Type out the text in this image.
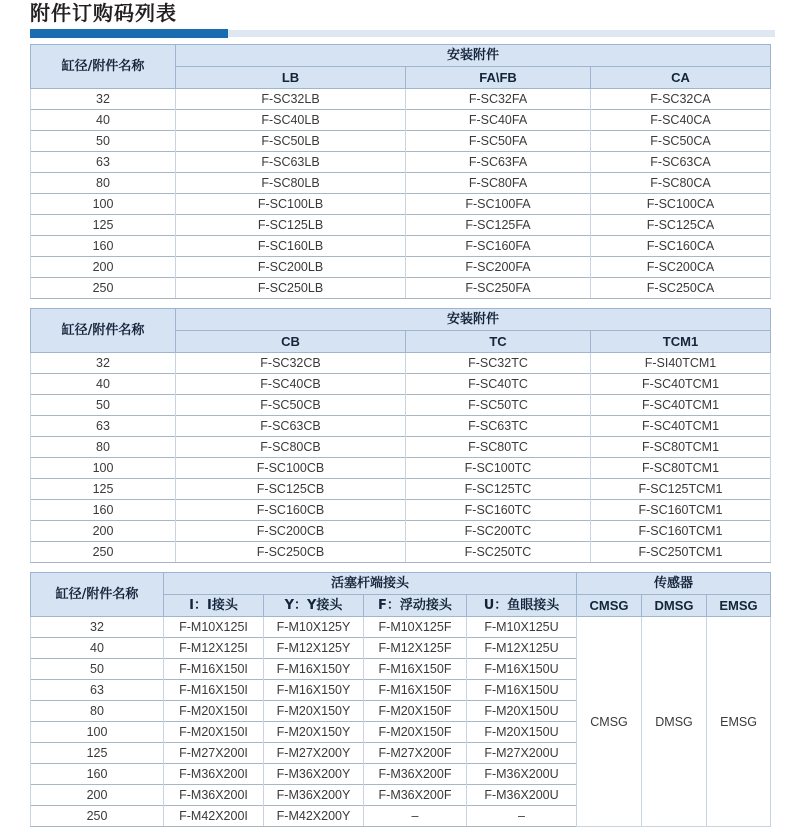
附件订购码列表
缸径/附件名称	安装附件		
	LB	FA\FB	CA
32	F-SC32LB	F-SC32FA	F-SC32CA
40	F-SC40LB	F-SC40FA	F-SC40CA
50	F-SC50LB	F-SC50FA	F-SC50CA
63	F-SC63LB	F-SC63FA	F-SC63CA
80	F-SC80LB	F-SC80FA	F-SC80CA
100	F-SC100LB	F-SC100FA	F-SC100CA
125	F-SC125LB	F-SC125FA	F-SC125CA
160	F-SC160LB	F-SC160FA	F-SC160CA
200	F-SC200LB	F-SC200FA	F-SC200CA
250	F-SC250LB	F-SC250FA	F-SC250CA
缸径/附件名称	安装附件		
	CB	TC	TCM1
32	F-SC32CB	F-SC32TC	F-SI40TCM1
40	F-SC40CB	F-SC40TC	F-SC40TCM1
50	F-SC50CB	F-SC50TC	F-SC40TCM1
63	F-SC63CB	F-SC63TC	F-SC40TCM1
80	F-SC80CB	F-SC80TC	F-SC80TCM1
100	F-SC100CB	F-SC100TC	F-SC80TCM1
125	F-SC125CB	F-SC125TC	F-SC125TCM1
160	F-SC160CB	F-SC160TC	F-SC160TCM1
200	F-SC200CB	F-SC200TC	F-SC160TCM1
250	F-SC250CB	F-SC250TC	F-SC250TCM1
缸径/附件名称	活塞杆端接头				传感器		
	I：I接头	Y：Y接头	F：浮动接头	U：鱼眼接头	CMSG	DMSG	EMSG
32	F-M10X125I	F-M10X125Y	F-M10X125F	F-M10X125U	CMSG	DMSG	EMSG
40	F-M12X125I	F-M12X125Y	F-M12X125F	F-M12X125U			
50	F-M16X150I	F-M16X150Y	F-M16X150F	F-M16X150U			
63	F-M16X150I	F-M16X150Y	F-M16X150F	F-M16X150U			
80	F-M20X150I	F-M20X150Y	F-M20X150F	F-M20X150U			
100	F-M20X150I	F-M20X150Y	F-M20X150F	F-M20X150U			
125	F-M27X200I	F-M27X200Y	F-M27X200F	F-M27X200U			
160	F-M36X200I	F-M36X200Y	F-M36X200F	F-M36X200U			
200	F-M36X200I	F-M36X200Y	F-M36X200F	F-M36X200U			
250	F-M42X200I	F-M42X200Y	–	–			
